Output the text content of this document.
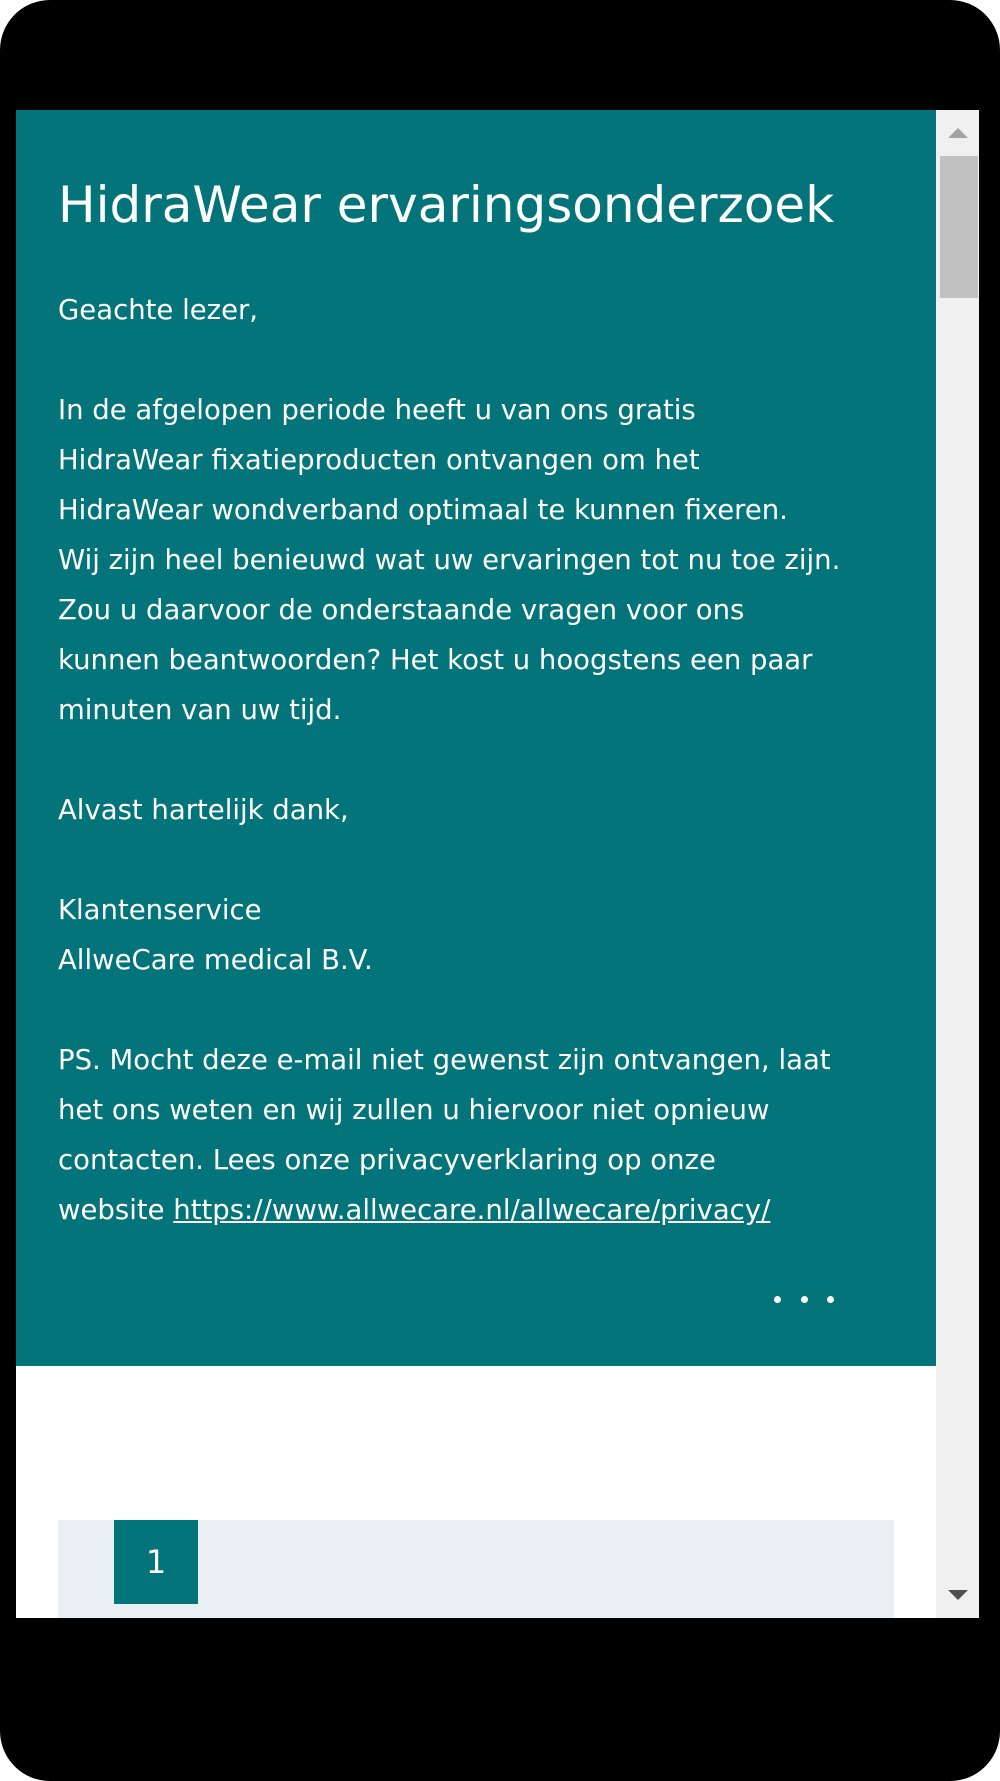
HidraWear ervaringsonderzoek

Geachte lezer,

In de afgelopen periode heeft u van ons gratis

HidraWear fixatieproducten ontvangen om het

HidraWear wondverband optimaal te kunnen fixeren.

Wij zijn heel benieuwd wat uw ervaringen tot nu toe zijn.

Zou u daarvoor de onderstaande vragen voor ons

kunnen beantwoorden? Het kost u hoogstens een paar

minuten van uw tijd.

Alvast hartelijk dank,

Klantenservice

AllweCare medical B.V.

PS. Mocht deze e-mail niet gewenst zijn ontvangen, laat

het ons weten en wij zullen u hiervoor niet opnieuw

contacten. Lees onze privacyverklaring op onze

website https://www.allwecare.nl/allwecare/privacy/

1
